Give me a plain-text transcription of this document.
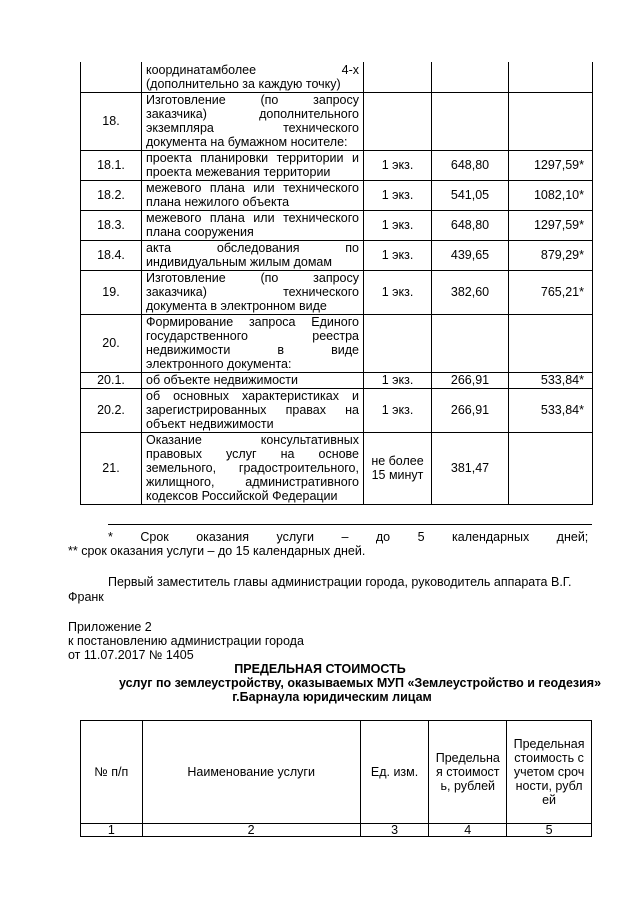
	координатамболее 4-х
(дополнительно за каждую точку)			

18.	Изготовление (по запросу
заказчика) дополнительного
экземпляра технического
документа на бумажном носителе:			

18.1.	проекта планировки территории и
проекта межевания территории	1 экз.	648,80	1297,59*
18.2.	межевого плана или технического
плана нежилого объекта	1 экз.	541,05	1082,10*
18.3.	межевого плана или технического
плана сооружения	1 экз.	648,80	1297,59*
18.4.	акта обследования по
индивидуальным жилым домам	1 экз.	439,65	879,29*
19.	Изготовление (по запросу
заказчика) технического
документа в электронном виде	1 экз.	382,60	765,21*
20.	Формирование запроса Единого
государственного реестра
недвижимости в виде
электронного документа:			

20.1.	об объекте недвижимости	1 экз.	266,91	533,84*
20.2.	об основных характеристиках и
зарегистрированных правах на
объект недвижимости	1 экз.	266,91	533,84*
21.	Оказание консультативных
правовых услуг на основе
земельного, градостроительного,
жилищного, административного
кодексов Российской Федерации	не более 15 минут	381,47	
* Срок оказания услуги – до 5 календарных дней;
** срок оказания услуги – до 15 календарных дней.
Первый заместитель главы администрации города, руководитель аппарата В.Г.
Франк
Приложение 2
к постановлению администрации города
от 11.07.2017 № 1405
ПРЕДЕЛЬНАЯ СТОИМОСТЬ
услуг по землеустройству, оказываемых МУП «Землеустройство и геодезия»
г.Барнаула юридическим лицам
№ п/п	Наименование услуги	Ед. изм.	Предельная стоимость, рублей	Предельная стоимость с учетом срочности, рублей
1	2	3	4	5
